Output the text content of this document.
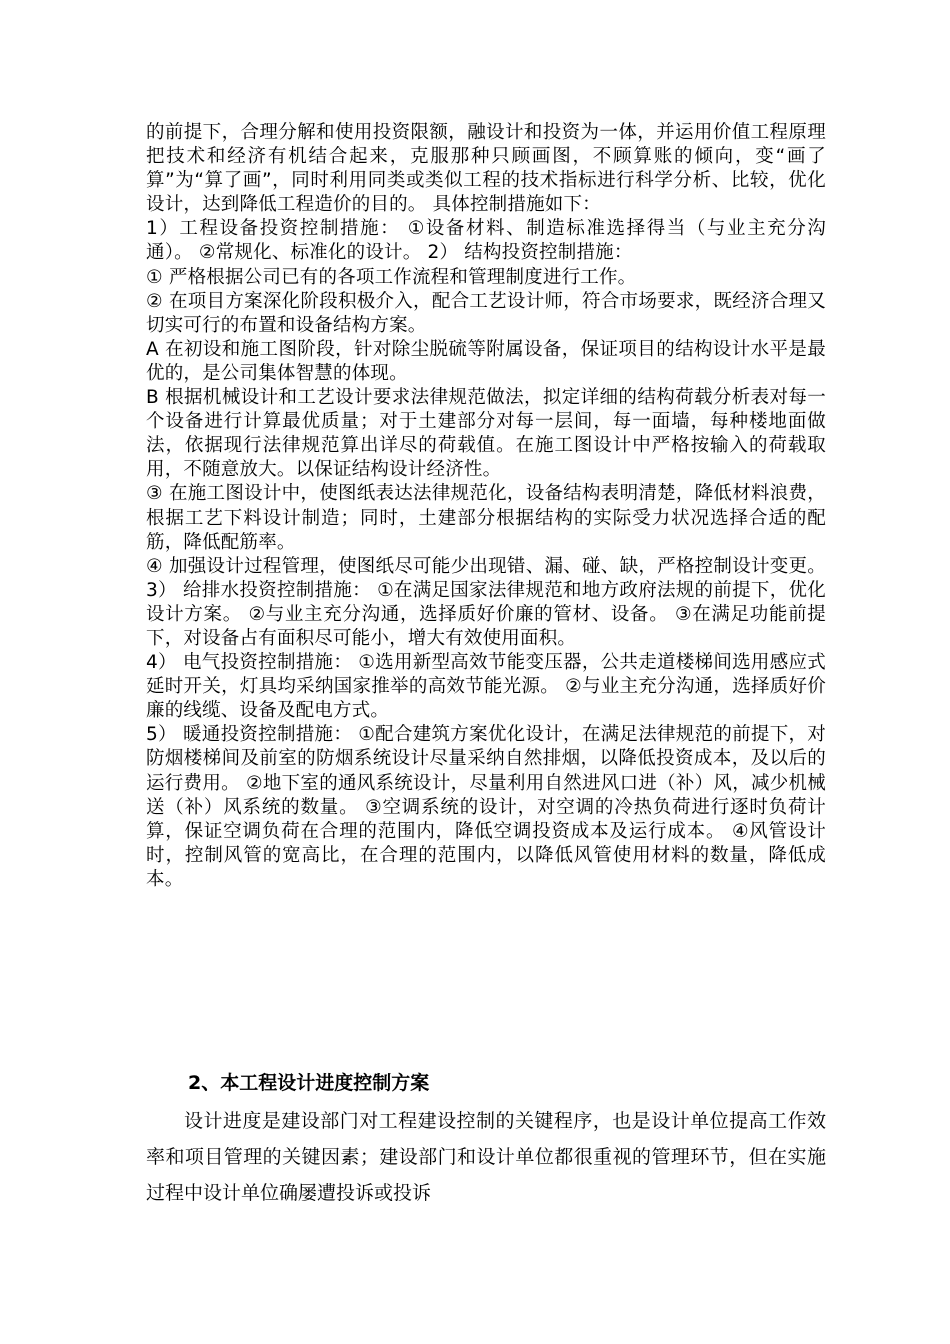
的前提下，合理分解和使用投资限额，融设计和投资为一体，并运用价值工程原理把技术和经济有机结合起来，克服那种只顾画图，不顾算账的倾向，变“画了算”为“算了画”，同时利用同类或类似工程的技术指标进行科学分析、比较，优化设计，达到降低工程造价的目的。 具体控制措施如下：

1）工程设备投资控制措施： ①设备材料、制造标准选择得当（与业主充分沟通）。 ②常规化、标准化的设计。 2） 结构投资控制措施：

① 严格根据公司已有的各项工作流程和管理制度进行工作。

② 在项目方案深化阶段积极介入，配合工艺设计师，符合市场要求，既经济合理又切实可行的布置和设备结构方案。

A 在初设和施工图阶段，针对除尘脱硫等附属设备，保证项目的结构设计水平是最优的，是公司集体智慧的体现。

B 根据机械设计和工艺设计要求法律规范做法，拟定详细的结构荷载分析表对每一个设备进行计算最优质量；对于土建部分对每一层间，每一面墙，每种楼地面做法，依据现行法律规范算出详尽的荷载值。在施工图设计中严格按输入的荷载取用，不随意放大。以保证结构设计经济性。

③ 在施工图设计中，使图纸表达法律规范化，设备结构表明清楚，降低材料浪费，根据工艺下料设计制造；同时，土建部分根据结构的实际受力状况选择合适的配筋，降低配筋率。

④ 加强设计过程管理，使图纸尽可能少出现错、漏、碰、缺，严格控制设计变更。 3） 给排水投资控制措施： ①在满足国家法律规范和地方政府法规的前提下，优化设计方案。 ②与业主充分沟通，选择质好价廉的管材、设备。 ③在满足功能前提下，对设备占有面积尽可能小，增大有效使用面积。

4） 电气投资控制措施： ①选用新型高效节能变压器，公共走道楼梯间选用感应式延时开关，灯具均采纳国家推举的高效节能光源。 ②与业主充分沟通，选择质好价廉的线缆、设备及配电方式。

5） 暖通投资控制措施： ①配合建筑方案优化设计，在满足法律规范的前提下，对防烟楼梯间及前室的防烟系统设计尽量采纳自然排烟，以降低投资成本，及以后的运行费用。 ②地下室的通风系统设计，尽量利用自然进风口进（补）风，减少机械送（补）风系统的数量。 ③空调系统的设计，对空调的冷热负荷进行逐时负荷计算，保证空调负荷在合理的范围内，降低空调投资成本及运行成本。 ④风管设计时，控制风管的宽高比，在合理的范围内，以降低风管使用材料的数量，降低成本。

2、本工程设计进度控制方案

设计进度是建设部门对工程建设控制的关键程序，也是设计单位提高工作效率和项目管理的关键因素；建设部门和设计单位都很重视的管理环节，但在实施过程中设计单位确屡遭投诉或投诉
